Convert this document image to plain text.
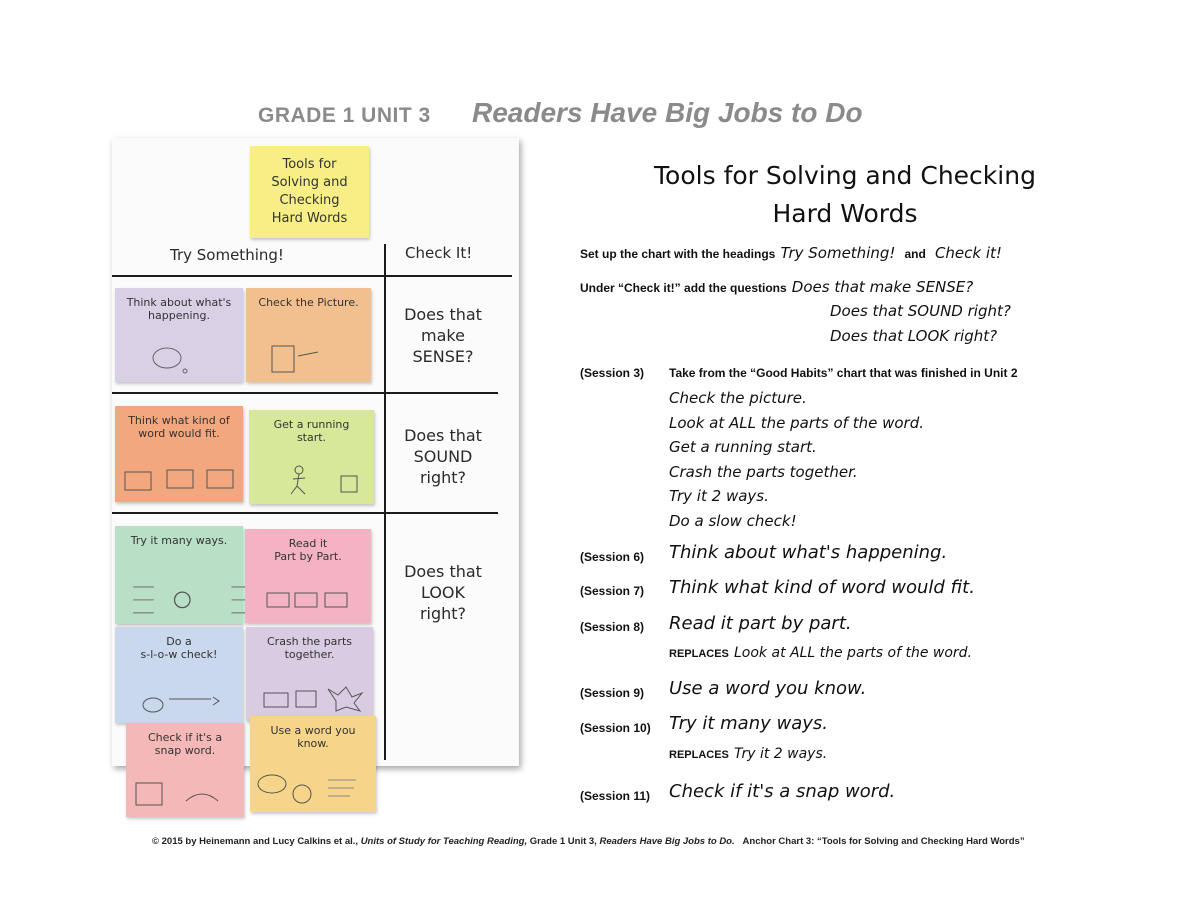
GRADE 1 UNIT 3 Readers Have Big Jobs to Do
Tools for
Solving and
Checking
Hard Words
Try Something!	Check It!
Think about what's
happening.
Check the Picture.
Think what kind of
word would fit.
Get a running
start.
Try it many ways.	Read it
Part by Part.
Do a
s-l-o-w check!
Crash the parts
together.
Check if it's a
snap word.
Use a word you
know.
Does that
make
SENSE?
Does that
SOUND
right?
Does that
LOOK
right?
Tools for Solving and Checking
Hard Words
Set up the chart with the headings Try Something! and Check it!
Under “Check it!” add the questions Does that make SENSE?
Does that SOUND right?
Does that LOOK right?
(Session 3) Take from the “Good Habits” chart that was finished in Unit 2
Check the picture.
Look at ALL the parts of the word.
Get a running start.
Crash the parts together.
Try it 2 ways.
Do a slow check!
(Session 6) Think about what's happening.
(Session 7) Think what kind of word would fit.
(Session 8) Read it part by part.
REPLACES Look at ALL the parts of the word.
(Session 9) Use a word you know.
(Session 10) Try it many ways.
REPLACES Try it 2 ways.
(Session 11) Check if it's a snap word.
© 2015 by Heinemann and Lucy Calkins et al., Units of Study for Teaching Reading, Grade 1 Unit 3, Readers Have Big Jobs to Do. Anchor Chart 3: “Tools for Solving and Checking Hard Words”
